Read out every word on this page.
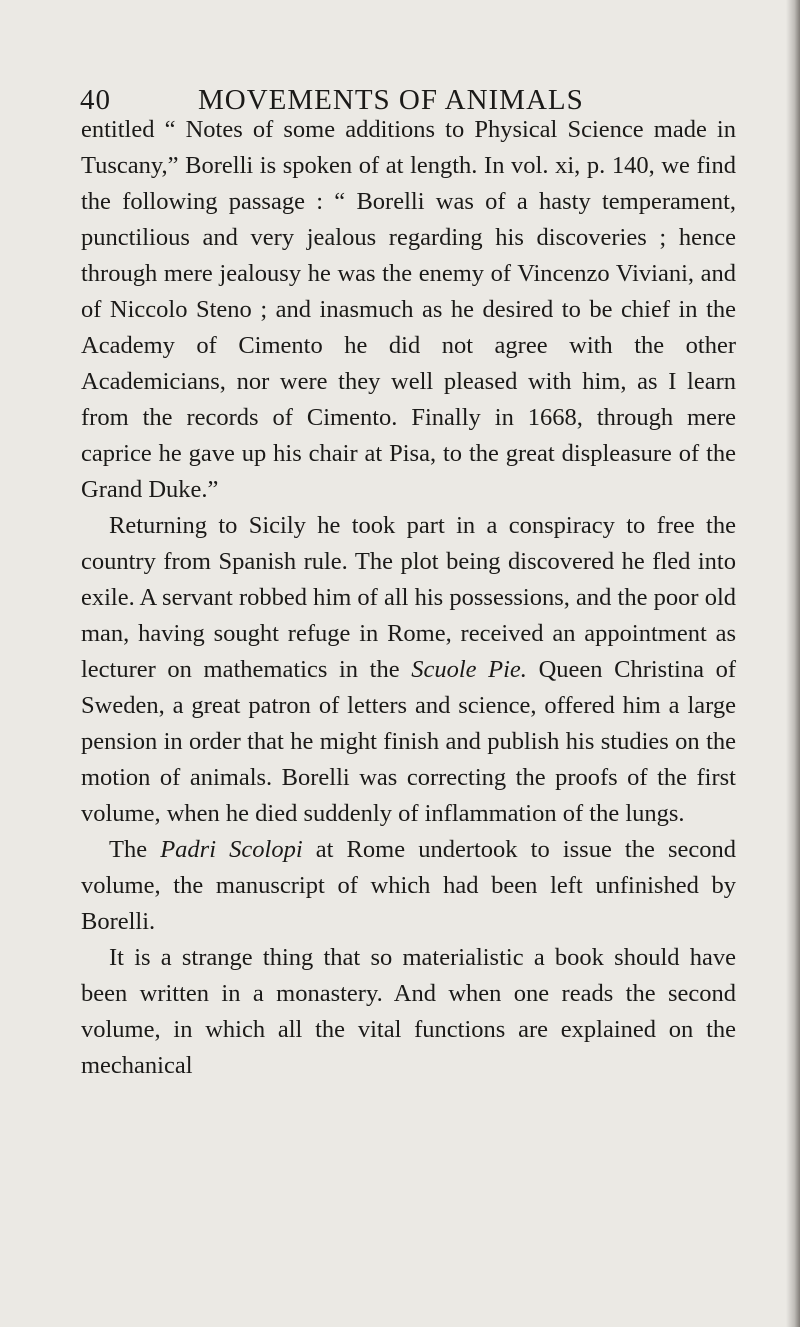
40	MOVEMENTS OF ANIMALS

entitled “ Notes of some additions to Physical Science made in Tuscany,” Borelli is spoken of at length. In vol. xi, p. 140, we find the following passage : “ Borelli was of a hasty temperament, punctilious and very jealous regarding his discoveries ; hence through mere jealousy he was the enemy of Vincenzo Viviani, and of Niccolo Steno ; and inasmuch as he desired to be chief in the Academy of Cimento he did not agree with the other Academicians, nor were they well pleased with him, as I learn from the records of Cimento. Finally in 1668, through mere caprice he gave up his chair at Pisa, to the great displeasure of the Grand Duke.”

Returning to Sicily he took part in a conspiracy to free the country from Spanish rule. The plot being discovered he fled into exile. A servant robbed him of all his possessions, and the poor old man, having sought refuge in Rome, received an appointment as lecturer on mathematics in the Scuole Pie. Queen Christina of Sweden, a great patron of letters and science, offered him a large pension in order that he might finish and publish his studies on the motion of animals. Borelli was correcting the proofs of the first volume, when he died suddenly of inflammation of the lungs.

The Padri Scolopi at Rome undertook to issue the second volume, the manuscript of which had been left unfinished by Borelli.

It is a strange thing that so materialistic a book should have been written in a monastery. And when one reads the second volume, in which all the vital functions are explained on the mechanical
